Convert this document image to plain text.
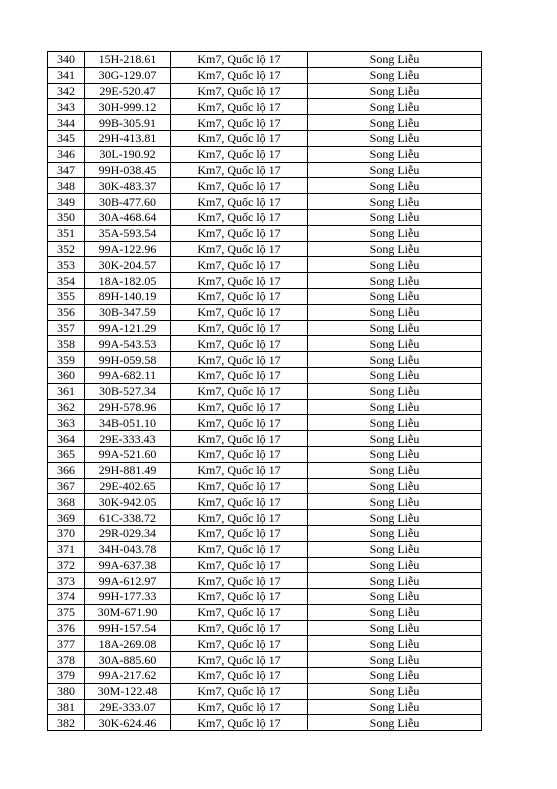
340	15H-218.61	Km7, Quốc lộ 17	Song Liễu
341	30G-129.07	Km7, Quốc lộ 17	Song Liễu
342	29E-520.47	Km7, Quốc lộ 17	Song Liễu
343	30H-999.12	Km7, Quốc lộ 17	Song Liễu
344	99B-305.91	Km7, Quốc lộ 17	Song Liễu
345	29H-413.81	Km7, Quốc lộ 17	Song Liễu
346	30L-190.92	Km7, Quốc lộ 17	Song Liễu
347	99H-038.45	Km7, Quốc lộ 17	Song Liễu
348	30K-483.37	Km7, Quốc lộ 17	Song Liễu
349	30B-477.60	Km7, Quốc lộ 17	Song Liễu
350	30A-468.64	Km7, Quốc lộ 17	Song Liễu
351	35A-593.54	Km7, Quốc lộ 17	Song Liễu
352	99A-122.96	Km7, Quốc lộ 17	Song Liễu
353	30K-204.57	Km7, Quốc lộ 17	Song Liễu
354	18A-182.05	Km7, Quốc lộ 17	Song Liễu
355	89H-140.19	Km7, Quốc lộ 17	Song Liễu
356	30B-347.59	Km7, Quốc lộ 17	Song Liễu
357	99A-121.29	Km7, Quốc lộ 17	Song Liễu
358	99A-543.53	Km7, Quốc lộ 17	Song Liễu
359	99H-059.58	Km7, Quốc lộ 17	Song Liễu
360	99A-682.11	Km7, Quốc lộ 17	Song Liễu
361	30B-527.34	Km7, Quốc lộ 17	Song Liễu
362	29H-578.96	Km7, Quốc lộ 17	Song Liễu
363	34B-051.10	Km7, Quốc lộ 17	Song Liễu
364	29E-333.43	Km7, Quốc lộ 17	Song Liễu
365	99A-521.60	Km7, Quốc lộ 17	Song Liễu
366	29H-881.49	Km7, Quốc lộ 17	Song Liễu
367	29E-402.65	Km7, Quốc lộ 17	Song Liễu
368	30K-942.05	Km7, Quốc lộ 17	Song Liễu
369	61C-338.72	Km7, Quốc lộ 17	Song Liễu
370	29R-029.34	Km7, Quốc lộ 17	Song Liễu
371	34H-043.78	Km7, Quốc lộ 17	Song Liễu
372	99A-637.38	Km7, Quốc lộ 17	Song Liễu
373	99A-612.97	Km7, Quốc lộ 17	Song Liễu
374	99H-177.33	Km7, Quốc lộ 17	Song Liễu
375	30M-671.90	Km7, Quốc lộ 17	Song Liễu
376	99H-157.54	Km7, Quốc lộ 17	Song Liễu
377	18A-269.08	Km7, Quốc lộ 17	Song Liễu
378	30A-885.60	Km7, Quốc lộ 17	Song Liễu
379	99A-217.62	Km7, Quốc lộ 17	Song Liễu
380	30M-122.48	Km7, Quốc lộ 17	Song Liễu
381	29E-333.07	Km7, Quốc lộ 17	Song Liễu
382	30K-624.46	Km7, Quốc lộ 17	Song Liễu
